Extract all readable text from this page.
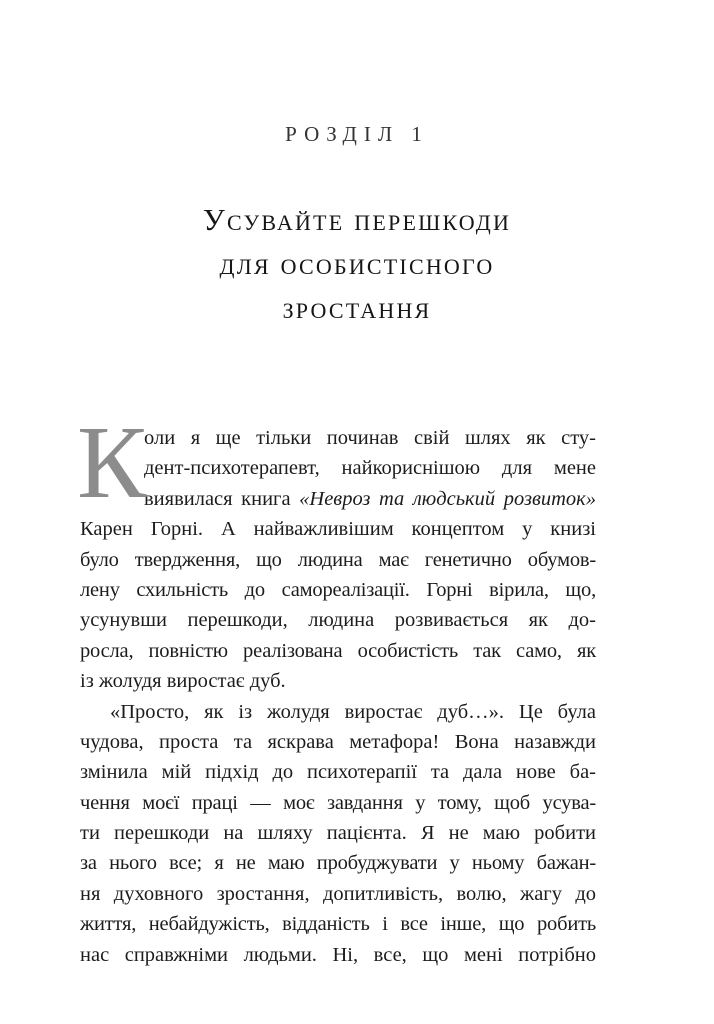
РОЗДІЛ 1
Усувайте перешкоди
для особистісного
зростання
К
оли я ще тільки починав свій шлях як сту-
дент-психотерапевт, найкориснішою для мене
виявилася книга «Невроз та людський розвиток»
Карен Горні. А найважливішим концептом у книзі
було твердження, що людина має генетично обумов-
лену схильність до самореалізації. Горні вірила, що,
усунувши перешкоди, людина розвивається як до-
росла, повністю реалізована особистість так само, як
із жолудя виростає дуб.
«Просто, як із жолудя виростає дуб…». Це була
чудова, проста та яскрава метафора! Вона назавжди
змінила мій підхід до психотерапії та дала нове ба-
чення моєї праці — моє завдання у тому, щоб усува-
ти перешкоди на шляху пацієнта. Я не маю робити
за нього все; я не маю пробуджувати у ньому бажан-
ня духовного зростання, допитливість, волю, жагу до
життя, небайдужість, відданість і все інше, що робить
нас справжніми людьми. Ні, все, що мені потрібно
